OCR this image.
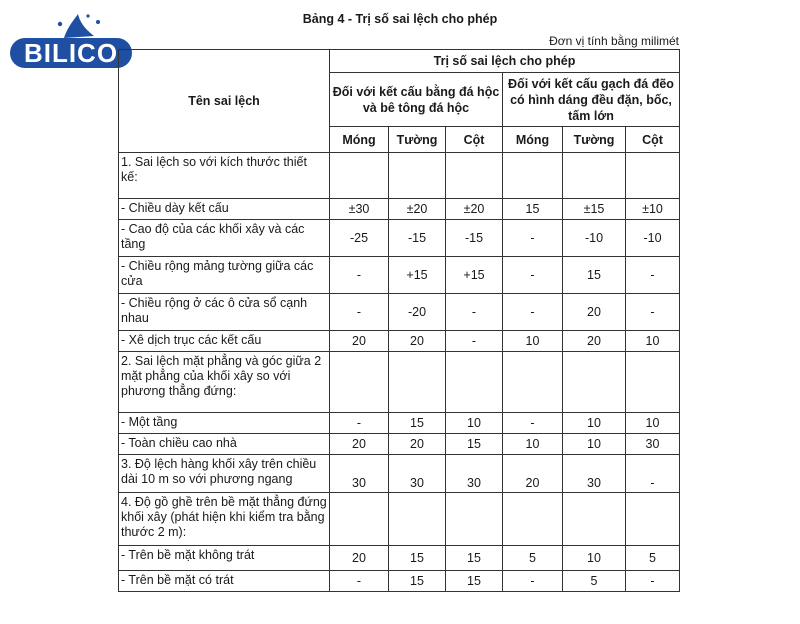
BILICO
Bảng 4 - Trị số sai lệch cho phép
Đơn vị tính bằng milimét
Tên sai lệch	Trị số sai lệch cho phép					
	Đối với kết cấu bằng đá hộc và bê tông đá hộc			Đối với kết cấu gạch đá đẽo có hình dáng đều đặn, bốc, tấm lớn		
	Móng	Tường	Cột	Móng	Tường	Cột
1. Sai lệch so với kích thước thiết kế:						
- Chiều dày kết cấu	±30	±20	±20	15	±15	±10
- Cao độ của các khối xây và các tầng	-25	-15	-15	-	-10	-10
- Chiều rộng mảng tường giữa các cửa	-	+15	+15	-	15	-
- Chiều rộng ở các ô cửa sổ cạnh nhau	-	-20	-	-	20	-
- Xê dịch trục các kết cấu	20	20	-	10	20	10
2. Sai lệch mặt phẳng và góc giữa 2 mặt phẳng của khối xây so với phương thẳng đứng:						
- Một tầng	-	15	10	-	10	10
- Toàn chiều cao nhà	20	20	15	10	10	30
3. Độ lệch hàng khối xây trên chiều dài 10 m so với phương ngang	30	30	30	20	30	-
4. Độ gồ ghề trên bề mặt thẳng đứng khối xây (phát hiện khi kiểm tra bằng thước 2 m):						
- Trên bề mặt không trát	20	15	15	5	10	5
- Trên bề mặt có trát	-	15	15	-	5	-
